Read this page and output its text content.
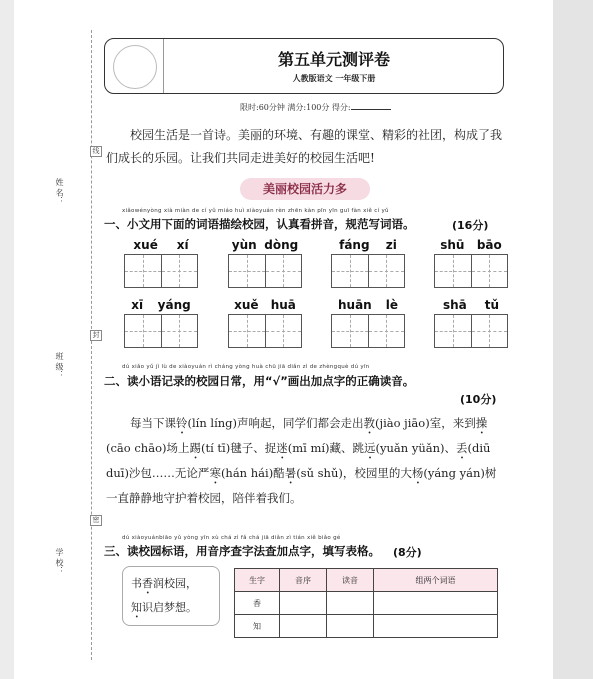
线
封
密
姓 名：
班 级：
学 校：
第五单元测评卷
人教版语文 一年级下册
限时:60分钟 满分:100分 得分:
校园生活是一首诗。美丽的环境、有趣的课堂、精彩的社团，构成了我们成长的乐园。让我们共同走进美好的校园生活吧!
美丽校园活力多
xiǎowényòng xià miàn de cí yǔ miáo huì xiàoyuán rèn zhēn kàn pīn yīn guī fàn xiě cí yǔ
一、小文用下面的词语描绘校园，认真看拼音，规范写词语。	(16分)
xué xí	yùn dòng	fáng zi	shū bāo
xī yáng	xuě huā	huān lè	shā tǔ
dú xiǎo yǔ jì lù de xiàoyuán rì cháng yòng huà chū jiā diǎn zì de zhèngquè dú yīn
二、读小语记录的校园日常，用“√”画出加点字的正确读音。
(10分)
每当下课铃(lín líng)声响起，同学们都会走出教(jiào jiāo)室，来到操(cāo chāo)场上踢(tí tī)毽子、捉迷(mī mí)藏、跳远(yuǎn yüǎn)、丢(diū duī)沙包……无论严寒(hán hái)酷暑(sǔ shǔ)，校园里的大杨(yáng yán)树一直静静地守护着校园，陪伴着我们。
dú xiàoyuánbiāo yǔ yòng yīn xù chá zì fǎ chá jiā diǎn zì tián xiě biǎo gé
三、读校园标语，用音序查字法查加点字，填写表格。 (8分)
书香润校园，
知识启梦想。
生字	音序	读音	组两个词语
香			
知			
